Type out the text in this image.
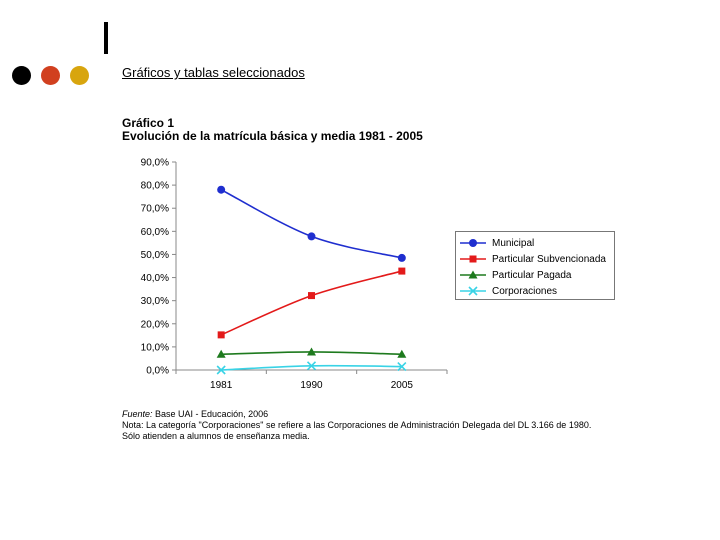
Gráficos y tablas seleccionados
Gráfico 1
Evolución de la matrícula básica y media 1981 - 2005
90,0%
80,0%
70,0%
60,0%
50,0%
40,0%
30,0%
20,0%
10,0%
0,0%
1981	1990	2005
Municipal
Particular Subvencionada
Particular Pagada
Corporaciones
Fuente: Base UAI - Educación, 2006
Nota: La categoría "Corporaciones" se refiere a las Corporaciones de Administración Delegada del DL 3.166 de 1980.
Sólo atienden a alumnos de enseñanza media.
